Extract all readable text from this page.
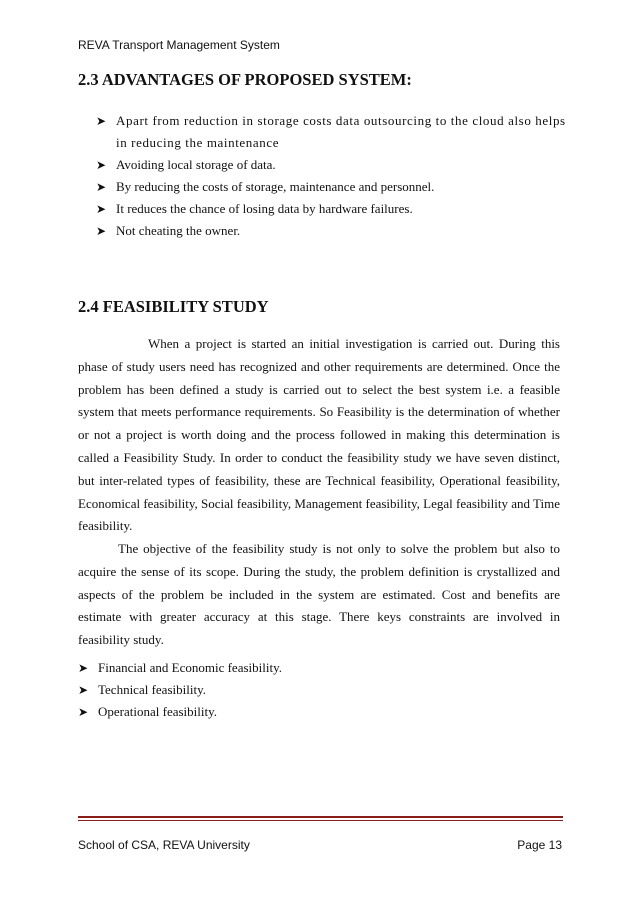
REVA Transport Management System
2.3 ADVANTAGES OF PROPOSED SYSTEM:
➤ Apart from reduction in storage costs data outsourcing to the cloud also helps in reducing the maintenance
➤ Avoiding local storage of data.
➤ By reducing the costs of storage, maintenance and personnel.
➤ It reduces the chance of losing data by hardware failures.
➤ Not cheating the owner.
2.4 FEASIBILITY STUDY

When a project is started an initial investigation is carried out. During this phase of study users need has recognized and other requirements are determined. Once the problem has been defined a study is carried out to select the best system i.e. a feasible system that meets performance requirements. So Feasibility is the determination of whether or not a project is worth doing and the process followed in making this determination is called a Feasibility Study. In order to conduct the feasibility study we have seven distinct, but inter-related types of feasibility, these are Technical feasibility, Operational feasibility, Economical feasibility, Social feasibility, Management feasibility, Legal feasibility and Time feasibility.

The objective of the feasibility study is not only to solve the problem but also to acquire the sense of its scope. During the study, the problem definition is crystallized and aspects of the problem be included in the system are estimated. Cost and benefits are estimate with greater accuracy at this stage. There keys constraints are involved in feasibility study.

➤ Financial and Economic feasibility.
➤ Technical feasibility.
➤ Operational feasibility.
School of CSA, REVA University	Page 13
